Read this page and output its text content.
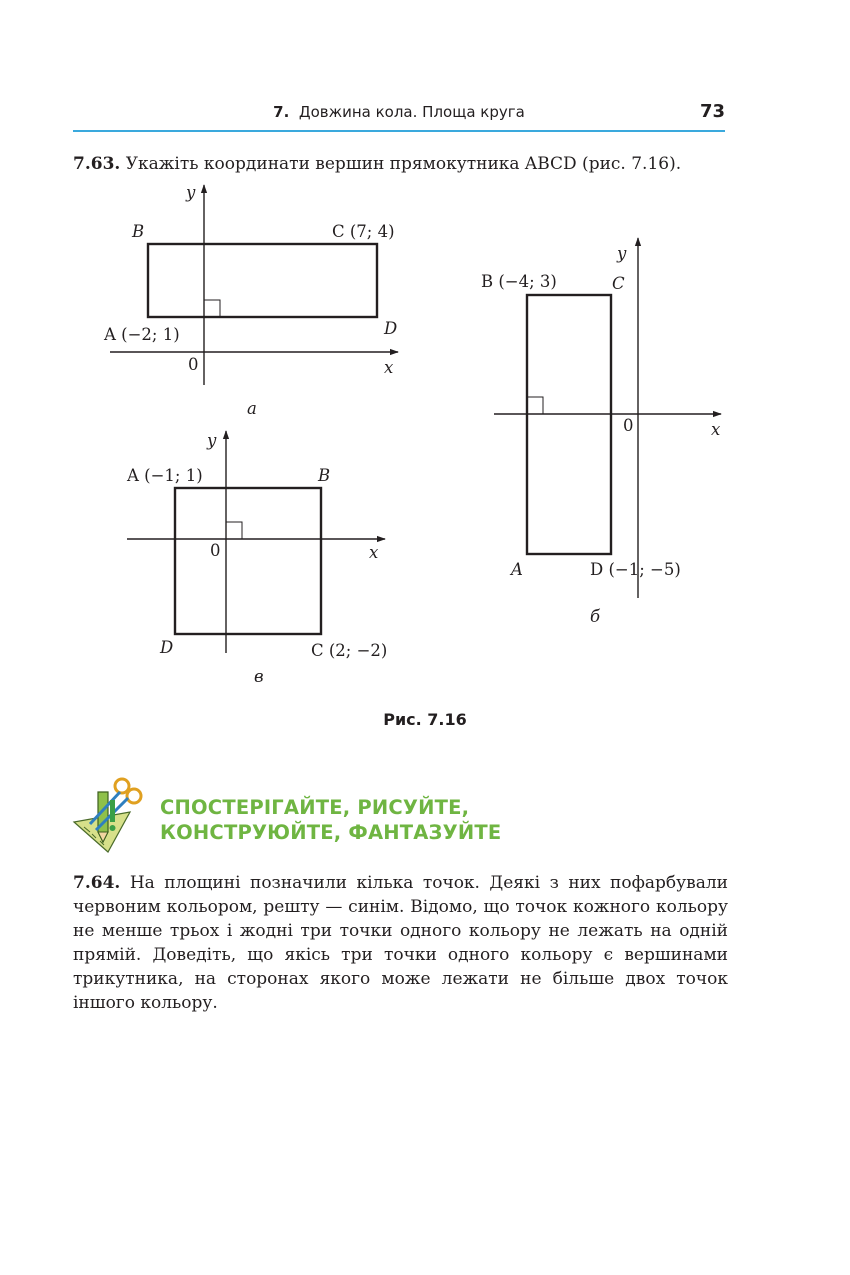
7. Довжина кола. Площа круга	73
7.63. Укажіть координати вершин прямокутника ABCD (рис. 7.16).
y
x
0
B	C (7; 4)
A (−2; 1)	D
а
y
x
0
B (−4; 3)	C
A	D (−1; −5)
б
y
x
0
A (−1; 1)	B
D	C (2; −2)
в
Рис. 7.16
СПОСТЕРІГАЙТЕ, РИСУЙТЕ,
КОНСТРУЮЙТЕ, ФАНТАЗУЙТЕ
7.64. На площині позначили кілька точок. Деякі з них пофарбували червоним кольором, решту — синім. Відомо, що точок кожного кольору не менше трьох і жодні три точки одного кольору не лежать на одній прямій. Доведіть, що якісь три точки одного кольору є вершинами трикутника, на сторонах якого може лежати не більше двох точок іншого кольору.
